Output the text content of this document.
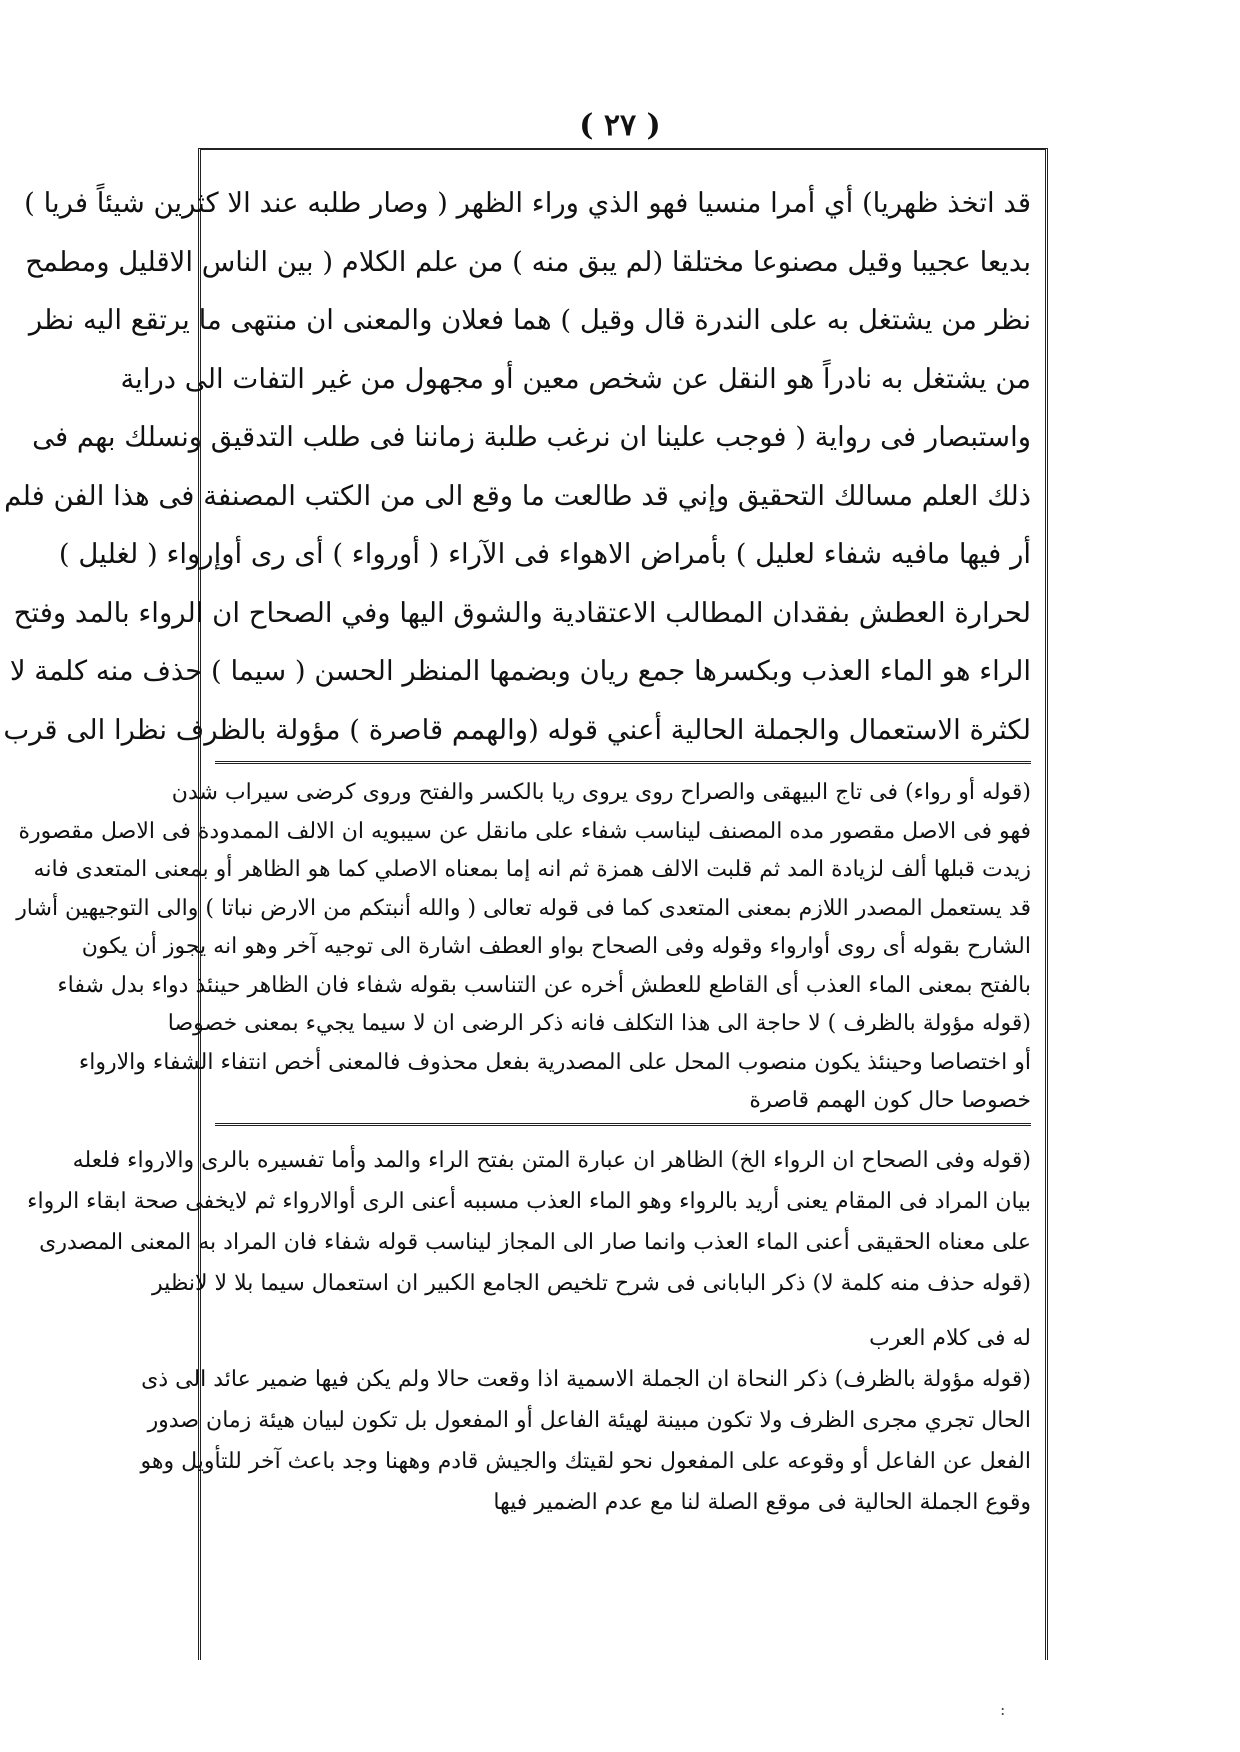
( ٢٧ )
قد اتخذ ظهريا) أي أمرا منسيا فهو الذي وراء الظهر ( وصار طلبه عند الا كثرين شيئاً فريا )
بديعا عجيبا وقيل مصنوعا مختلقا (لم يبق منه ) من علم الكلام ( بين الناس الاقليل ومطمح
نظر من يشتغل به على الندرة قال وقيل ) هما فعلان والمعنى ان منتهى ما يرتقع اليه نظر
من يشتغل به نادراً هو النقل عن شخص معين أو مجهول من غير التفات الى دراية
واستبصار فى رواية ( فوجب علينا ان نرغب طلبة زماننا فى طلب التدقيق ونسلك بهم فى
ذلك العلم مسالك التحقيق وإني قد طالعت ما وقع الى من الكتب المصنفة فى هذا الفن فلم
أر فيها مافيه شفاء لعليل ) بأمراض الاهواء فى الآراء ( أورواء ) أى رى أوإرواء ( لغليل )
لحرارة العطش بفقدان المطالب الاعتقادية والشوق اليها وفي الصحاح ان الرواء بالمد وفتح
الراء هو الماء العذب وبكسرها جمع ريان وبضمها المنظر الحسن ( سيما ) حذف منه كلمة لا
لكثرة الاستعمال والجملة الحالية أعني قوله (والهمم قاصرة ) مؤولة بالظرف نظرا الى قرب
(قوله أو رواء) فى تاج البيهقى والصراح روى يروى ريا بالكسر والفتح وروى كرضى سيراب شدن
فهو فى الاصل مقصور مده المصنف ليناسب شفاء على مانقل عن سيبويه ان الالف الممدودة فى الاصل مقصورة
زيدت قبلها ألف لزيادة المد ثم قلبت الالف همزة ثم انه إما بمعناه الاصلي كما هو الظاهر أو بمعنى المتعدى فانه
قد يستعمل المصدر اللازم بمعنى المتعدى كما فى قوله تعالى ( والله أنبتكم من الارض نباتا ) والى التوجيهين أشار
الشارح بقوله أى روى أوارواء وقوله وفى الصحاح بواو العطف اشارة الى توجيه آخر وهو انه يجوز أن يكون
بالفتح بمعنى الماء العذب أى القاطع للعطش أخره عن التناسب بقوله شفاء فان الظاهر حينئذ دواء بدل شفاء
(قوله مؤولة بالظرف ) لا حاجة الى هذا التكلف فانه ذكر الرضى ان لا سيما يجيء بمعنى خصوصا
أو اختصاصا وحينئذ يكون منصوب المحل على المصدرية بفعل محذوف فالمعنى أخص انتفاء الشفاء والارواء
خصوصا حال كون الهمم قاصرة
(قوله وفى الصحاح ان الرواء الخ) الظاهر ان عبارة المتن بفتح الراء والمد وأما تفسيره بالرى والارواء فلعله
بيان المراد فى المقام يعنى أريد بالرواء وهو الماء العذب مسببه أعنى الرى أوالارواء ثم لايخفى صحة ابقاء الرواء
على معناه الحقيقى أعنى الماء العذب وانما صار الى المجاز ليناسب قوله شفاء فان المراد به المعنى المصدرى
(قوله حذف منه كلمة لا) ذكر البابانى فى شرح تلخيص الجامع الكبير ان استعمال سيما بلا لا لانظير
له فى كلام العرب
(قوله مؤولة بالظرف) ذكر النحاة ان الجملة الاسمية اذا وقعت حالا ولم يكن فيها ضمير عائد الى ذى
الحال تجري مجرى الظرف ولا تكون مبينة لهيئة الفاعل أو المفعول بل تكون لبيان هيئة زمان صدور
الفعل عن الفاعل أو وقوعه على المفعول نحو لقيتك والجيش قادم وههنا وجد باعث آخر للتأويل وهو
وقوع الجملة الحالية فى موقع الصلة لنا مع عدم الضمير فيها
:
